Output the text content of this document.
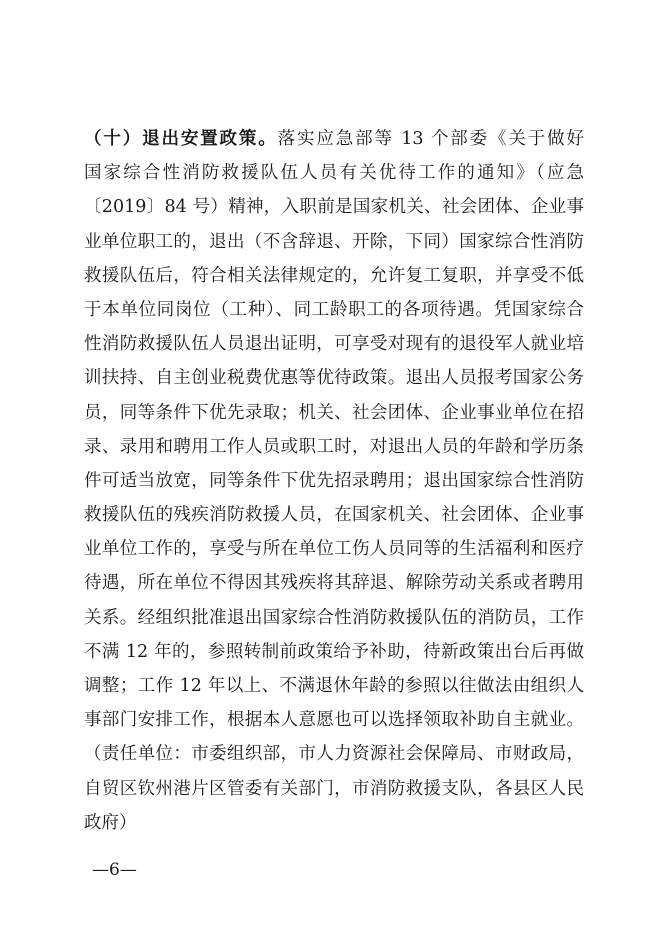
（十）退出安置政策。落实应急部等 13 个部委《关于做好
国家综合性消防救援队伍人员有关优待工作的通知》（应急
〔2019〕84 号）精神，入职前是国家机关、社会团体、企业事
业单位职工的，退出（不含辞退、开除，下同）国家综合性消防
救援队伍后，符合相关法律规定的，允许复工复职，并享受不低
于本单位同岗位（工种）、同工龄职工的各项待遇。凭国家综合
性消防救援队伍人员退出证明，可享受对现有的退役军人就业培
训扶持、自主创业税费优惠等优待政策。退出人员报考国家公务
员，同等条件下优先录取；机关、社会团体、企业事业单位在招
录、录用和聘用工作人员或职工时，对退出人员的年龄和学历条
件可适当放宽，同等条件下优先招录聘用；退出国家综合性消防
救援队伍的残疾消防救援人员，在国家机关、社会团体、企业事
业单位工作的，享受与所在单位工伤人员同等的生活福利和医疗
待遇，所在单位不得因其残疾将其辞退、解除劳动关系或者聘用
关系。经组织批准退出国家综合性消防救援队伍的消防员，工作
不满 12 年的，参照转制前政策给予补助，待新政策出台后再做
调整；工作 12 年以上、不满退休年龄的参照以往做法由组织人
事部门安排工作，根据本人意愿也可以选择领取补助自主就业。
（责任单位：市委组织部，市人力资源社会保障局、市财政局，
自贸区钦州港片区管委有关部门，市消防救援支队，各县区人民
政府）
—6—
